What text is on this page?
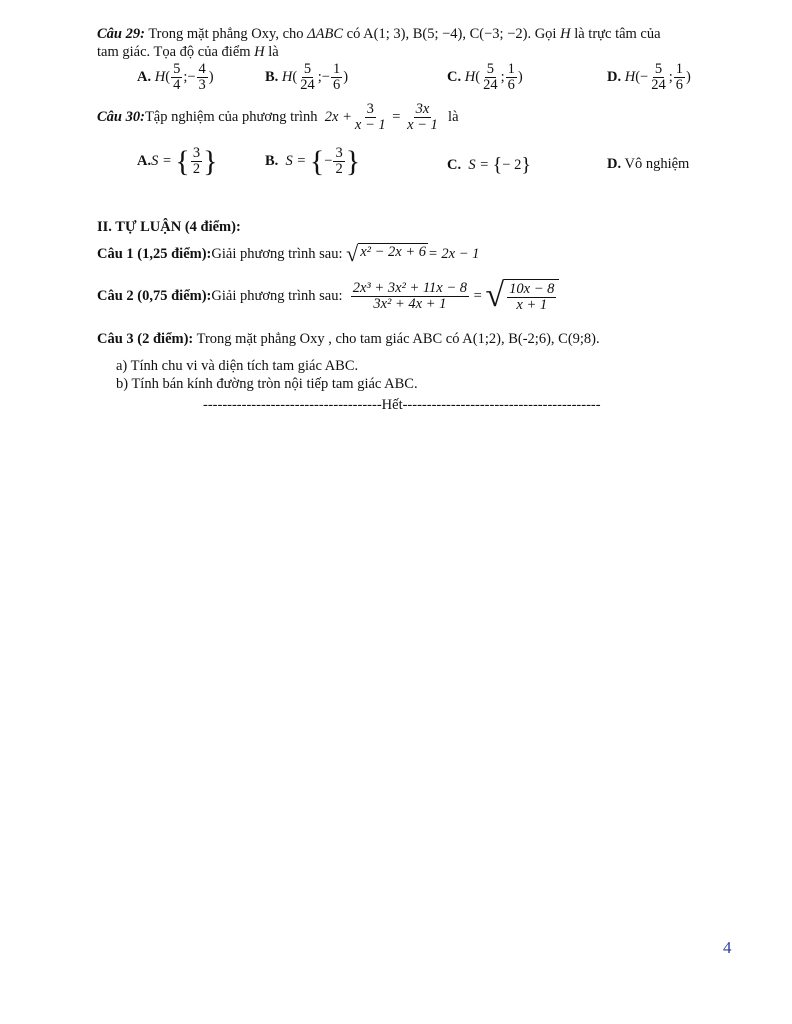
Câu 29: Trong mặt phẳng Oxy, cho ΔABC có A(1; 3), B(5; −4), C(−3; −2). Gọi H là trực tâm của
tam giác. Tọa độ của điểm H là
A.
H ( $\frac{5}{4}$ ;− $\frac{4}{3}$ )	B.
H ( $\frac{5}{24}$ ;− $\frac{1}{6}$ )	C.
H ( $\frac{5}{24}$ ; $\frac{1}{6}$ )	D.
H (− $\frac{5}{24}$ ; $\frac{1}{6}$ )
Câu 30: Tập nghiệm của phương trình
$2x + \frac{3}{x - 1}$
=
$\frac{3x}{x - 1}$
là
A. S =
{ $\frac{3}{2}$ }	B.
S =
{ − $\frac{3}{2}$ }	C.
S =
{ − 2 }	D. Vô nghiệm
II. TỰ LUẬN (4 điểm):
Câu 1 (1,25 điểm): Giải phương trình sau:
√ x² − 2x + 6 = 2x − 1
Câu 2 (0,75 điểm): Giải phương trình sau:
$\frac{\text{2x³ + 3x² + 11x − 8}}{\text{3x² + 4x + 1}}$
=
√ $\frac{10x - 8}{x + 1}$
Câu 3 (2 điểm): Trong mặt phẳng Oxy , cho tam giác ABC có A(1;2), B(-2;6), C(9;8).
a) Tính chu vi và diện tích tam giác ABC.
b) Tính bán kính đường tròn nội tiếp tam giác ABC.
-------------------------------------Hết-----------------------------------------
4
